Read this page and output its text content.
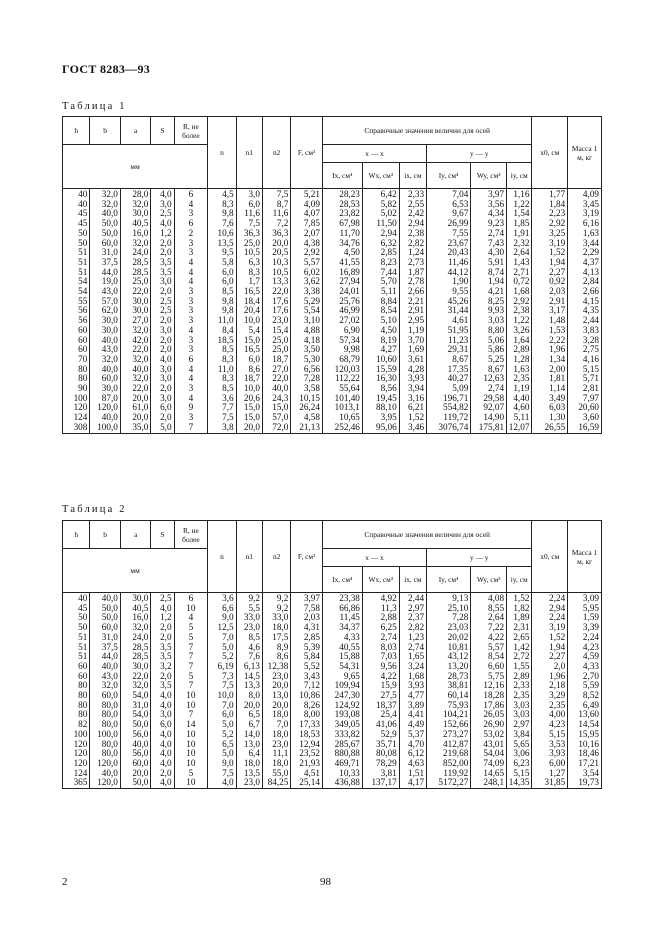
ГОСТ 8283—93
Таблица 1
h	b	a	S	R, не более	n	n1	n2	F, см²	Справочные значения величин для осей						x0, см	Масса 1 м, кг
мм									x — x			y — y				
									Ix, см⁴	Wx, см³	ix, см	Iy, см⁴	Wy, см³	iy, см		
40	32,0	28,0	4,0	6	4,5	3,0	7,5	5,21	28,23	6,42	2,33	7,04	3,97	1,16	1,77	4,09
40	32,0	32,0	3,0	4	8,3	6,0	8,7	4,09	28,53	5,82	2,55	6,53	3,56	1,22	1,84	3,45
45	40,0	30,0	2,5	3	9,8	11,6	11,6	4,07	23,82	5,02	2,42	9,67	4,34	1,54	2,23	3,19
45	50,0	40,5	4,0	6	7,6	7,5	7,2	7,85	67,98	11,50	2,94	26,99	9,23	1,85	2,92	6,16
50	50,0	16,0	1,2	2	10,6	36,3	36,3	2,07	11,70	2,94	2,38	7,55	2,74	1,91	3,25	1,63
50	60,0	32,0	2,0	3	13,5	25,0	20,0	4,38	34,76	6,32	2,82	23,67	7,43	2,32	3,19	3,44
51	31,0	24,0	2,0	3	9,5	10,5	20,5	2,92	4,50	2,85	1,24	20,43	4,30	2,64	1,52	2,29
51	37,5	28,5	3,5	4	5,8	6,3	10,3	5,57	41,55	8,23	2,73	11,46	5,91	1,43	1,94	4,37
51	44,0	28,5	3,5	4	6,0	8,3	10,5	6,02	16,89	7,44	1,87	44,12	8,74	2,71	2,27	4,13
54	19,0	25,0	3,0	4	6,0	1,7	13,3	3,62	27,94	5,70	2,78	1,90	1,94	0,72	0,92	2,84
54	43,0	22,0	2,0	3	8,5	16,5	22,0	3,38	24,01	5,11	2,66	9,55	4,21	1,68	2,03	2,66
55	57,0	30,0	2,5	3	9,8	18,4	17,6	5,29	25,76	8,84	2,21	45,26	8,25	2,92	2,91	4,15
56	62,0	30,0	2,5	3	9,8	20,4	17,6	5,54	46,99	8,54	2,91	31,44	9,93	2,38	3,17	4,35
56	30,0	27,0	2,0	3	11,0	10,0	23,0	3,10	27,02	5,10	2,95	4,61	3,03	1,22	1,48	2,44
60	30,0	32,0	3,0	4	8,4	5,4	15,4	4,88	6,90	4,50	1,19	51,95	8,80	3,26	1,53	3,83
60	40,0	42,0	2,0	3	18,5	15,0	25,0	4,18	57,34	8,19	3,70	11,23	5,06	1,64	2,22	3,28
60	43,0	22,0	2,0	3	8,5	16,5	25,0	3,50	9,98	4,27	1,69	29,31	5,86	2,89	1,96	2,75
70	32,0	32,0	4,0	6	8,3	6,0	18,7	5,30	68,79	10,60	3,61	8,67	5,25	1,28	1,34	4,16
80	40,0	40,0	3,0	4	11,0	8,6	27,0	6,56	120,03	15,59	4,28	17,35	8,67	1,63	2,00	5,15
80	60,0	32,0	3,0	4	8,3	18,7	22,0	7,28	112,22	16,30	3,93	40,27	12,63	2,35	1,81	5,71
90	30,0	22,0	2,0	3	8,5	10,0	40,0	3,58	55,64	8,56	3,94	5,09	2,74	1,19	1,14	2,81
100	87,0	20,0	3,0	4	3,6	20,6	24,3	10,15	101,40	19,45	3,16	196,71	29,58	4,40	3,49	7,97
120	120,0	61,0	6,0	9	7,7	15,0	15,0	26,24	1013,1	88,10	6,21	554,82	92,07	4,60	6,03	20,60
124	40,0	20,0	2,0	3	7,5	15,0	57,0	4,58	10,65	3,95	1,52	119,72	14,90	5,11	1,30	3,60
308	100,0	35,0	5,0	7	3,8	20,0	72,0	21,13	252,46	95,06	3,46	3076,74	175,81	12,07	26,55	16,59
Таблица 2
h	b	a	S	R, не более	n	n1	n2	F, см²	Справочные значения величин для осей						x0, см	Масса 1 м, кг
мм									x — x			y — y				
									Ix, см⁴	Wx, см³	ix, см	Iy, см⁴	Wy, см³	iy, см		
40	40,0	30,0	2,5	6	3,6	9,2	9,2	3,97	23,38	4,92	2,44	9,13	4,08	1,52	2,24	3,09
45	50,0	40,5	4,0	10	6,6	5,5	9,2	7,58	66,86	11,3	2,97	25,10	8,55	1,82	2,94	5,95
50	50,0	16,0	1,2	4	9,0	33,0	33,0	2,03	11,45	2,88	2,37	7,28	2,64	1,89	2,24	1,59
50	60,0	32,0	2,0	5	12,5	23,0	18,0	4,31	34,37	6,25	2,82	23,03	7,22	2,31	3,19	3,39
51	31,0	24,0	2,0	5	7,0	8,5	17,5	2,85	4,33	2,74	1,23	20,02	4,22	2,65	1,52	2,24
51	37,5	28,5	3,5	7	5,0	4,6	8,9	5,39	40,55	8,03	2,74	10,81	5,57	1,42	1,94	4,23
51	44,0	28,5	3,5	7	5,2	7,6	8,6	5,84	15,88	7,03	1,65	43,12	8,54	2,72	2,27	4,59
60	40,0	30,0	3,2	7	6,19	6,13	12,38	5,52	54,31	9,56	3,24	13,20	6,60	1,55	2,0	4,33
60	43,0	22,0	2,0	5	7,3	14,5	23,0	3,43	9,65	4,22	1,68	28,73	5,75	2,89	1,96	2,70
80	32,0	32,0	3,5	7	7,5	13,3	20,0	7,12	109,94	15,9	3,93	38,81	12,16	2,33	2,18	5,59
80	60,0	54,0	4,0	10	10,0	8,0	13,0	10,86	247,30	27,5	4,77	60,14	18,28	2,35	3,29	8,52
80	80,0	31,0	4,0	10	7,0	20,0	20,0	8,26	124,92	18,37	3,89	75,93	17,86	3,03	2,35	6,49
80	80,0	54,0	3,0	7	6,0	6,5	18,0	8,00	193,08	25,4	4,41	104,21	26,05	3,03	4,00	13,60
82	80,0	50,0	6,0	14	5,0	6,7	7,0	17,33	349,05	41,06	4,49	152,66	26,90	2,97	4,23	14,54
100	100,0	56,0	4,0	10	5,2	14,0	18,0	18,53	333,82	52,9	5,37	273,27	53,02	3,84	5,15	15,95
120	80,0	40,0	4,0	10	6,5	13,0	23,0	12,94	285,67	35,71	4,70	412,87	43,01	5,65	3,53	10,16
120	80,0	56,0	4,0	10	5,0	6,4	11,1	23,52	880,88	80,08	6,12	219,68	54,04	3,06	3,93	18,46
120	120,0	60,0	4,0	10	9,0	18,0	18,0	21,93	469,71	78,29	4,63	852,00	74,09	6,23	6,00	17,21
124	40,0	20,0	2,0	5	7,5	13,5	55,0	4,51	10,33	3,81	1,51	119,92	14,65	5,15	1,27	3,54
365	120,0	50,0	4,0	10	4,0	23,0	84,25	25,14	436,88	137,17	4,17	5172,27	248,1	14,35	31,85	19,73
2	98
